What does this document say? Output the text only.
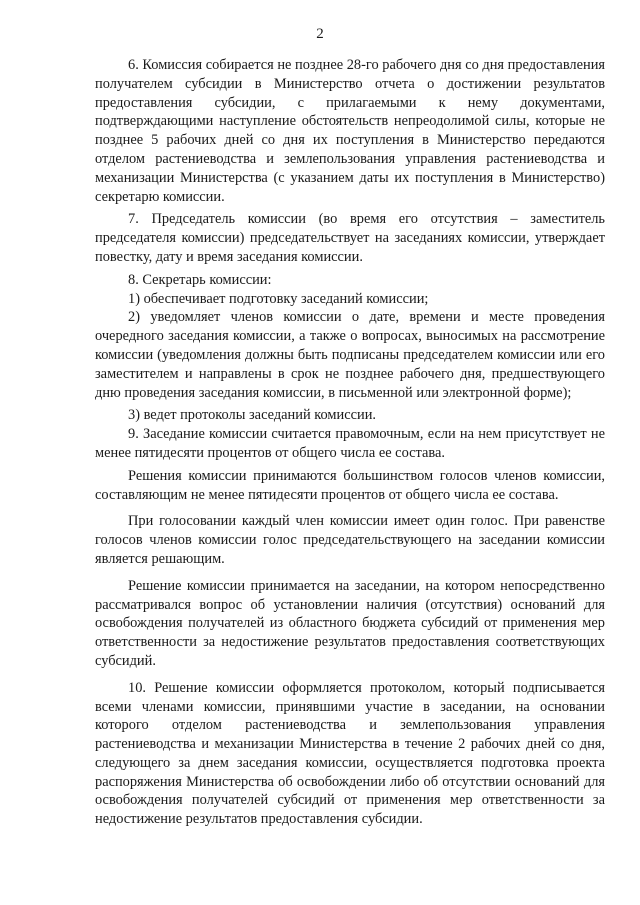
2

6. Комиссия собирается не позднее 28-го рабочего дня со дня предоставления получателем субсидии в Министерство отчета о достижении результатов предоставления субсидии, с прилагаемыми к нему документами, подтверждающими наступление обстоятельств непреодолимой силы, которые не позднее 5 рабочих дней со дня их поступления в Министерство передаются отделом растениеводства и землепользования управления растениеводства и механизации Министерства (с указанием даты их поступления в Министерство) секретарю комиссии.

7. Председатель комиссии (во время его отсутствия – заместитель председателя комиссии) председательствует на заседаниях комиссии, утверждает повестку, дату и время заседания комиссии.

8. Секретарь комиссии:

1) обеспечивает подготовку заседаний комиссии;

2) уведомляет членов комиссии о дате, времени и месте проведения очередного заседания комиссии, а также о вопросах, выносимых на рассмотрение комиссии (уведомления должны быть подписаны председателем комиссии или его заместителем и направлены в срок не позднее рабочего дня, предшествующего дню проведения заседания комиссии, в письменной или электронной форме);

3) ведет протоколы заседаний комиссии.

9. Заседание комиссии считается правомочным, если на нем присутствует не менее пятидесяти процентов от общего числа ее состава.

Решения комиссии принимаются большинством голосов членов комиссии, составляющим не менее пятидесяти процентов от общего числа ее состава.

При голосовании каждый член комиссии имеет один голос. При равенстве голосов членов комиссии голос председательствующего на заседании комиссии является решающим.

Решение комиссии принимается на заседании, на котором непосредственно рассматривался вопрос об установлении наличия (отсутствия) оснований для освобождения получателей из областного бюджета субсидий от применения мер ответственности за недостижение результатов предоставления соответствующих субсидий.

10. Решение комиссии оформляется протоколом, который подписывается всеми членами комиссии, принявшими участие в заседании, на основании которого отделом растениеводства и землепользования управления растениеводства и механизации Министерства в течение 2 рабочих дней со дня, следующего за днем заседания комиссии, осуществляется подготовка проекта распоряжения Министерства об освобождении либо об отсутствии оснований для освобождения получателей субсидий от применения мер ответственности за недостижение результатов предоставления субсидии.
